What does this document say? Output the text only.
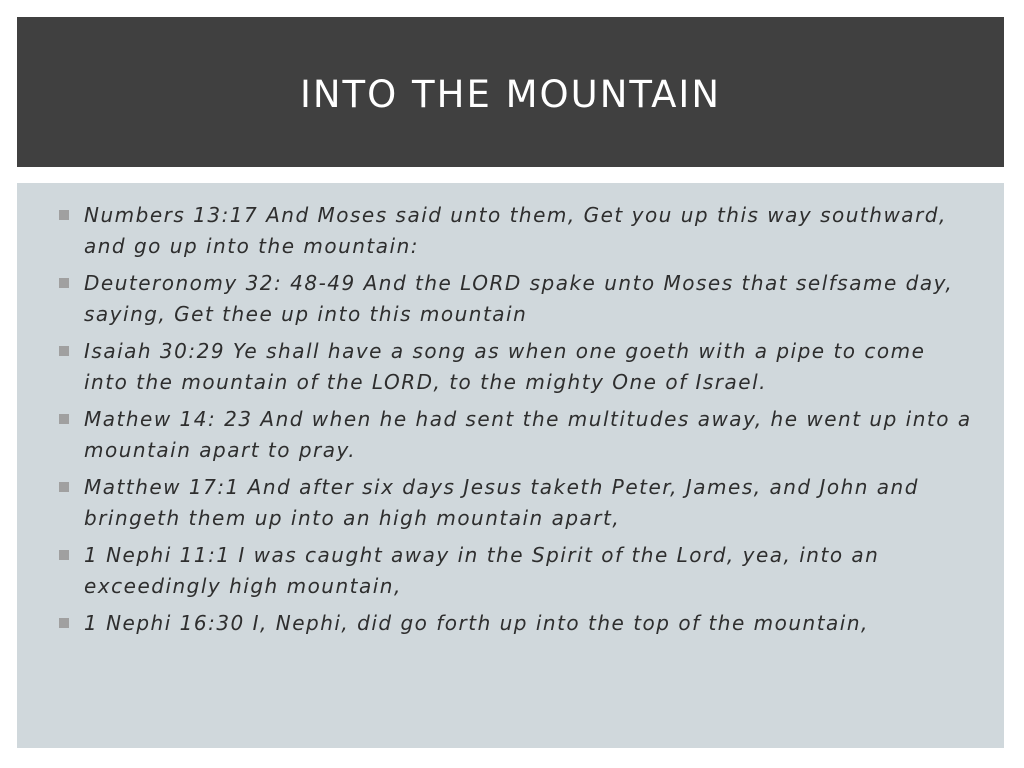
INTO THE MOUNTAIN
Numbers 13:17 And Moses said unto them, Get you up this way southward, and go up into the mountain:
Deuteronomy 32: 48-49 And the LORD spake unto Moses that selfsame day, saying, Get thee up into this mountain
Isaiah 30:29 Ye shall have a song as when one goeth with a pipe to come into the mountain of the LORD, to the mighty One of Israel.
Mathew 14: 23 And when he had sent the multitudes away, he went up into a mountain apart to pray.
Matthew 17:1 And after six days Jesus taketh Peter, James, and John and bringeth them up into an high mountain apart,
1 Nephi 11:1 I was caught away in the Spirit of the Lord, yea, into an exceedingly high mountain,
1 Nephi 16:30 I, Nephi, did go forth up into the top of the mountain,
